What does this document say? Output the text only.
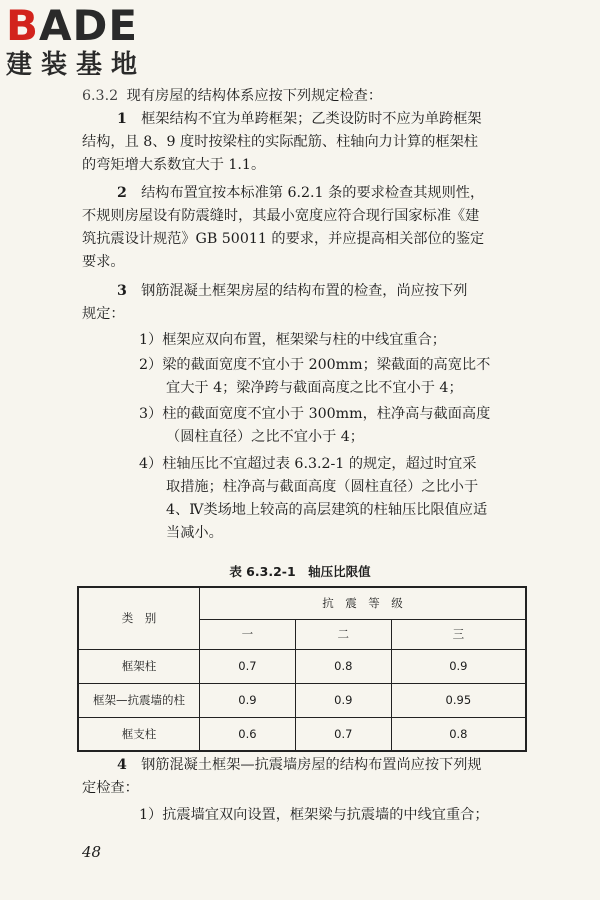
BADE
建装基地
6.3.2 现有房屋的结构体系应按下列规定检查：
1　 框架结构不宜为单跨框架；乙类设防时不应为单跨框架
结构，且 8、9 度时按梁柱的实际配筋、柱轴向力计算的框架柱
的弯矩增大系数宜大于 1.1。
2　 结构布置宜按本标准第 6.2.1 条的要求检查其规则性，
不规则房屋设有防震缝时，其最小宽度应符合现行国家标准《建
筑抗震设计规范》GB 50011 的要求，并应提高相关部位的鉴定
要求。
3　 钢筋混凝土框架房屋的结构布置的检查，尚应按下列
规定：
1）框架应双向布置，框架梁与柱的中线宜重合；
2）梁的截面宽度不宜小于 200mm；梁截面的高宽比不
宜大于 4；梁净跨与截面高度之比不宜小于 4；
3）柱的截面宽度不宜小于 300mm，柱净高与截面高度
（圆柱直径）之比不宜小于 4；
4）柱轴压比不宜超过表 6.3.2-1 的规定，超过时宜采
取措施；柱净高与截面高度（圆柱直径）之比小于
4、Ⅳ类场地上较高的高层建筑的柱轴压比限值应适
当减小。
表 6.3.2-1　轴压比限值
类　别	抗　震　等　级		
	一	二	三
框架柱	0.7	0.8	0.9
框架—抗震墙的柱	0.9	0.9	0.95
框支柱	0.6	0.7	0.8
4　 钢筋混凝土框架—抗震墙房屋的结构布置尚应按下列规
定检查：
1）抗震墙宜双向设置，框架梁与抗震墙的中线宜重合；
48
